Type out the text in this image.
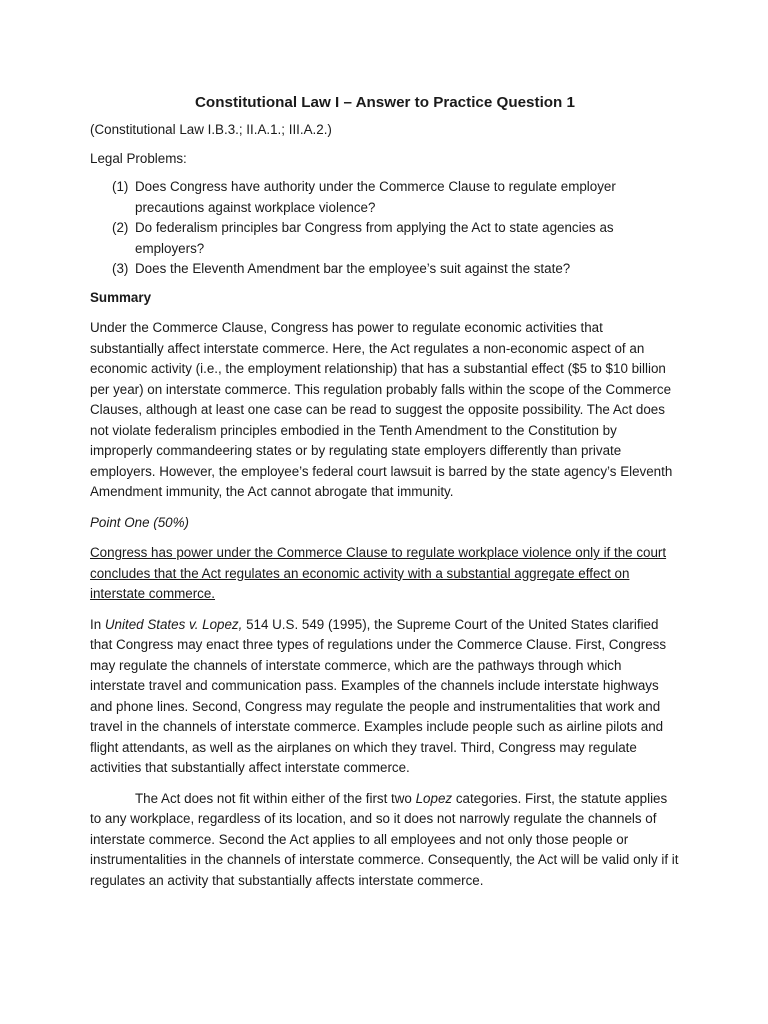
Constitutional Law I – Answer to Practice Question 1

(Constitutional Law I.B.3.; II.A.1.; III.A.2.)

Legal Problems:

(1) Does Congress have authority under the Commerce Clause to regulate employer precautions against workplace violence?
(2) Do federalism principles bar Congress from applying the Act to state agencies as employers?
(3) Does the Eleventh Amendment bar the employee’s suit against the state?
Summary

Under the Commerce Clause, Congress has power to regulate economic activities that substantially affect interstate commerce. Here, the Act regulates a non-economic aspect of an economic activity (i.e., the employment relationship) that has a substantial effect ($5 to $10 billion per year) on interstate commerce. This regulation probably falls within the scope of the Commerce Clauses, although at least one case can be read to suggest the opposite possibility. The Act does not violate federalism principles embodied in the Tenth Amendment to the Constitution by improperly commandeering states or by regulating state employers differently than private employers. However, the employee’s federal court lawsuit is barred by the state agency’s Eleventh Amendment immunity, the Act cannot abrogate that immunity.

Point One (50%)

Congress has power under the Commerce Clause to regulate workplace violence only if the court concludes that the Act regulates an economic activity with a substantial aggregate effect on interstate commerce.

In United States v. Lopez, 514 U.S. 549 (1995), the Supreme Court of the United States clarified that Congress may enact three types of regulations under the Commerce Clause. First, Congress may regulate the channels of interstate commerce, which are the pathways through which interstate travel and communication pass. Examples of the channels include interstate highways and phone lines. Second, Congress may regulate the people and instrumentalities that work and travel in the channels of interstate commerce. Examples include people such as airline pilots and flight attendants, as well as the airplanes on which they travel. Third, Congress may regulate activities that substantially affect interstate commerce.

The Act does not fit within either of the first two Lopez categories. First, the statute applies to any workplace, regardless of its location, and so it does not narrowly regulate the channels of interstate commerce. Second the Act applies to all employees and not only those people or instrumentalities in the channels of interstate commerce. Consequently, the Act will be valid only if it regulates an activity that substantially affects interstate commerce.
